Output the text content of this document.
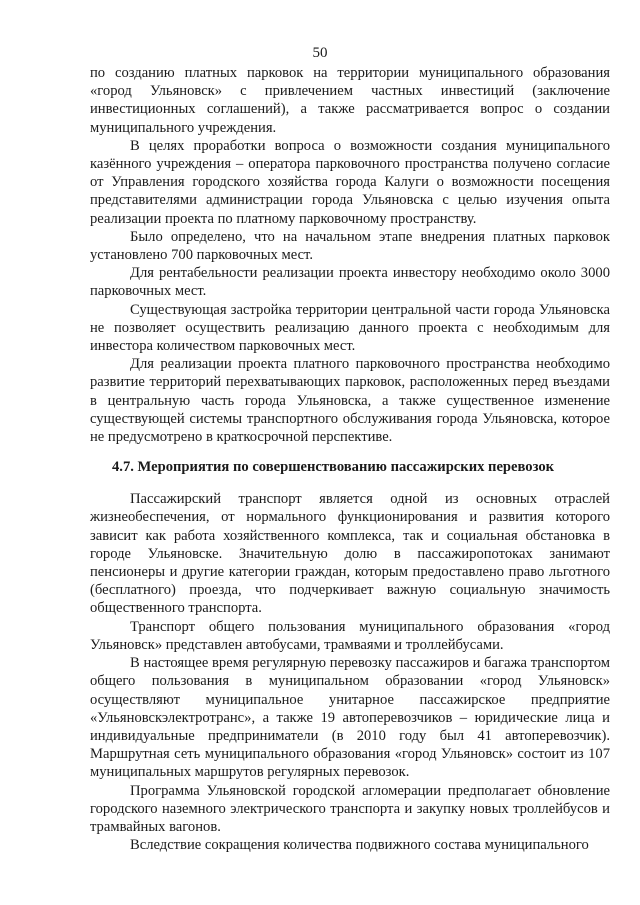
50

по созданию платных парковок на территории муниципального образования «город Ульяновск» с привлечением частных инвестиций (заключение инвестиционных соглашений), а также рассматривается вопрос о создании муниципального учреждения.

В целях проработки вопроса о возможности создания муниципального казённого учреждения – оператора парковочного пространства получено согласие от Управления городского хозяйства города Калуги о возможности посещения представителями администрации города Ульяновска с целью изучения опыта реализации проекта по платному парковочному пространству.

Было определено, что на начальном этапе внедрения платных парковок установлено 700 парковочных мест.

Для рентабельности реализации проекта инвестору необходимо около 3000 парковочных мест.

Существующая застройка территории центральной части города Ульяновска не позволяет осуществить реализацию данного проекта с необходимым для инвестора количеством парковочных мест.

Для реализации проекта платного парковочного пространства необходимо развитие территорий перехватывающих парковок, расположенных перед въездами в центральную часть города Ульяновска, а также существенное изменение существующей системы транспортного обслуживания города Ульяновска, которое не предусмотрено в краткосрочной перспективе.

4.7. Мероприятия по совершенствованию пассажирских перевозок

Пассажирский транспорт является одной из основных отраслей жизнеобеспечения, от нормального функционирования и развития которого зависит как работа хозяйственного комплекса, так и социальная обстановка в городе Ульяновске. Значительную долю в пассажиропотоках занимают пенсионеры и другие категории граждан, которым предоставлено право льготного (бесплатного) проезда, что подчеркивает важную социальную значимость общественного транспорта.

Транспорт общего пользования муниципального образования «город Ульяновск» представлен автобусами, трамваями и троллейбусами.

В настоящее время регулярную перевозку пассажиров и багажа транспортом общего пользования в муниципальном образовании «город Ульяновск» осуществляют муниципальное унитарное пассажирское предприятие «Ульяновскэлектротранс», а также 19 автоперевозчиков – юридические лица и индивидуальные предприниматели (в 2010 году был 41 автоперевозчик). Маршрутная сеть муниципального образования «город Ульяновск» состоит из 107 муниципальных маршрутов регулярных перевозок.

Программа Ульяновской городской агломерации предполагает обновление городского наземного электрического транспорта и закупку новых троллейбусов и трамвайных вагонов.

Вследствие сокращения количества подвижного состава муниципального
